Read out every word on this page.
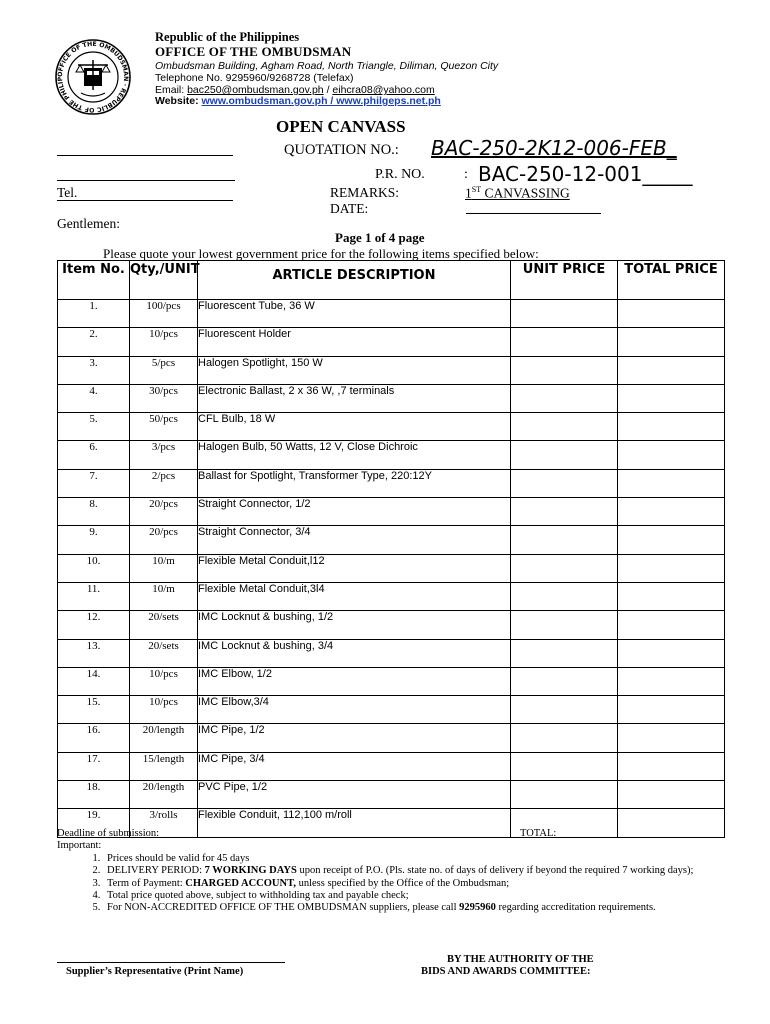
OFFICE OF THE OMBUDSMAN · REPUBLIC OF THE PHILIP
Republic of the Philippines
OFFICE OF THE OMBUDSMAN
Ombudsman Building, Agham Road, North Triangle, Diliman, Quezon City
Telephone No. 9295960/9268728 (Telefax)
Email: bac250@ombudsman.gov.ph / eihcra08@yahoo.com
Website: www.ombudsman.gov.ph / www.philgeps.net.ph
OPEN CANVASS
QUOTATION NO.: BAC-250-2K12-006-FEB_
P.R. NO.	: BAC-250-12-001_____
Tel.	REMARKS:	1ST CANVASSING
DATE:
Gentlemen:
Page 1 of 4 page
Please quote your lowest government price for the following items specified below:
Item No.	Qty,/UNIT	ARTICLE DESCRIPTION	UNIT PRICE	TOTAL PRICE
1.	100/pcs	Fluorescent Tube, 36 W		
2.	10/pcs	Fluorescent Holder		
3.	5/pcs	Halogen Spotlight, 150 W		
4.	30/pcs	Electronic Ballast, 2 x 36 W, ,7 terminals		
5.	50/pcs	CFL Bulb, 18 W		
6.	3/pcs	Halogen Bulb, 50 Watts, 12 V, Close Dichroic		
7.	2/pcs	Ballast for Spotlight, Transformer Type, 220:12Y		
8.	20/pcs	Straight Connector, 1/2		
9.	20/pcs	Straight Connector, 3/4		
10.	10/m	Flexible Metal Conduit,l12		
11.	10/m	Flexible Metal Conduit,3l4		
12.	20/sets	IMC Locknut & bushing, 1/2		
13.	20/sets	IMC Locknut & bushing, 3/4		
14.	10/pcs	IMC Elbow, 1/2		
15.	10/pcs	IMC Elbow,3/4		
16.	20/length	IMC Pipe, 1/2		
17.	15/length	IMC Pipe, 3/4		
18.	20/length	PVC Pipe, 1/2		
19.	3/rolls	Flexible Conduit, 112,100 m/roll		
Deadline of submission:	TOTAL: ______________________
Important:
1. Prices should be valid for 45 days
2. DELIVERY PERIOD: 7 WORKING DAYS upon receipt of P.O. (Pls. state no. of days of delivery if beyond the required 7 working days);
3. Term of Payment: CHARGED ACCOUNT, unless specified by the Office of the Ombudsman;
4. Total price quoted above, subject to withholding tax and payable check;
5. For NON-ACCREDITED OFFICE OF THE OMBUDSMAN suppliers, please call 9295960 regarding accreditation requirements.
Supplier’s Representative (Print Name)
BY THE AUTHORITY OF THE
BIDS AND AWARDS COMMITTEE:
